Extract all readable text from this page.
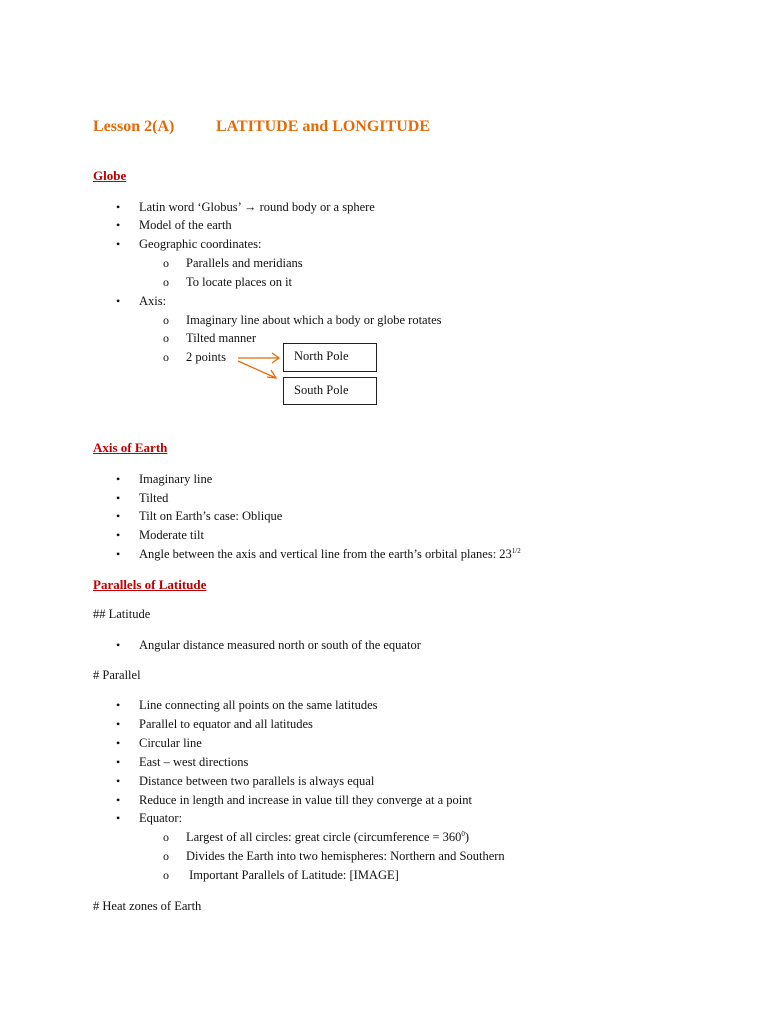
Lesson 2(A)	LATITUDE and LONGITUDE
Globe
• Latin word ‘Globus’ → round body or a sphere
• Model of the earth
• Geographic coordinates:
o Parallels and meridians
o To locate places on it
• Axis:
o Imaginary line about which a body or globe rotates
o Tilted manner
o 2 points	North Pole
South Pole
Axis of Earth
• Imaginary line
• Tilted
• Tilt on Earth’s case: Oblique
• Moderate tilt
• Angle between the axis and vertical line from the earth’s orbital planes: $23^{1/2}$
Parallels of Latitude
## Latitude
• Angular distance measured north or south of the equator
# Parallel
• Line connecting all points on the same latitudes
• Parallel to equator and all latitudes
• Circular line
• East – west directions
• Distance between two parallels is always equal
• Reduce in length and increase in value till they converge at a point
• Equator:
o Largest of all circles: great circle (circumference = $360^0$)
o Divides the Earth into two hemispheres: Northern and Southern
o Important Parallels of Latitude: [IMAGE]
# Heat zones of Earth
